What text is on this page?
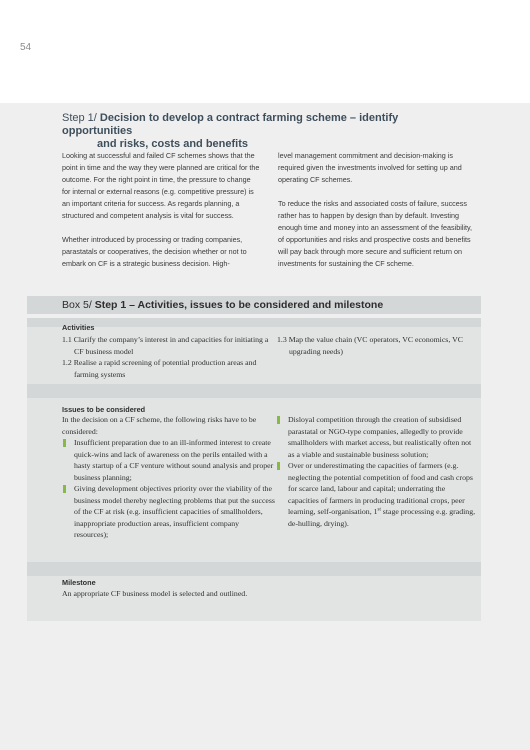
54
Step 1/ Decision to develop a contract farming scheme – identify opportunities
and risks, costs and benefits

Looking at successful and failed CF schemes shows that the point in time and the way they were planned are critical for the outcome. For the right point in time, the pressure to change for internal or external reasons (e.g. competitive pressure) is an important criteria for success. As regards planning, a structured and competent analysis is vital for success.

Whether introduced by processing or trading companies, parastatals or cooperatives, the decision whether or not to embark on CF is a strategic business decision. High-

level management commitment and decision-making is required given the investments involved for setting up and operating CF schemes.

To reduce the risks and associated costs of failure, success rather has to happen by design than by default. Investing enough time and money into an assessment of the feasibility, of opportunities and risks and prospective costs and benefits will pay back through more secure and sufficient return on investments for sustaining the CF scheme.

Box 5/ Step 1 – Activities, issues to be considered and milestone
Activities
1.1 Clarify the company’s interest in and capacities for initiating a CF business model
1.2 Realise a rapid screening of potential production areas and farming systems
1.3 Map the value chain (VC operators, VC economics, VC upgrading needs)
Issues to be considered
In the decision on a CF scheme, the following risks have to be considered:
Insufficient preparation due to an ill-informed interest to create quick-wins and lack of awareness on the perils entailed with a hasty startup of a CF venture without sound analysis and proper business planning;
Giving development objectives priority over the viability of the business model thereby neglecting problems that put the success of the CF at risk (e.g. insufficient capacities of smallholders, inappropriate production areas, insufficient company resources);
Disloyal competition through the creation of subsidised parastatal or NGO-type companies, allegedly to provide smallholders with market access, but realistically often not as a viable and sustainable business solution;
Over or underestimating the capacities of farmers (e.g. neglecting the potential competition of food and cash crops for scarce land, labour and capital; underrating the capacities of farmers in producing traditional crops, peer learning, self-organisation, 1st stage processing e.g. grading, de-hulling, drying).
Milestone
An appropriate CF business model is selected and outlined.
